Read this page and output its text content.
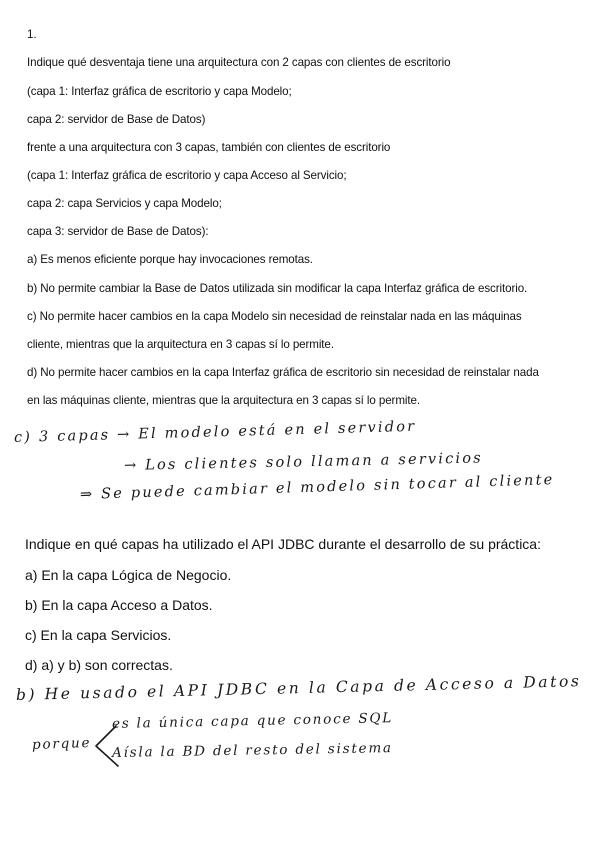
1.
Indique qué desventaja tiene una arquitectura con 2 capas con clientes de escritorio
(capa 1: Interfaz gráfica de escritorio y capa Modelo;
capa 2: servidor de Base de Datos)
frente a una arquitectura con 3 capas, también con clientes de escritorio
(capa 1: Interfaz gráfica de escritorio y capa Acceso al Servicio;
capa 2: capa Servicios y capa Modelo;
capa 3: servidor de Base de Datos):
a) Es menos eficiente porque hay invocaciones remotas.
b) No permite cambiar la Base de Datos utilizada sin modificar la capa Interfaz gráfica de escritorio.
c) No permite hacer cambios en la capa Modelo sin necesidad de reinstalar nada en las máquinas
cliente, mientras que la arquitectura en 3 capas sí lo permite.
d) No permite hacer cambios en la capa Interfaz gráfica de escritorio sin necesidad de reinstalar nada
en las máquinas cliente, mientras que la arquitectura en 3 capas sí lo permite.
c) 3 capas → El modelo está en el servidor
→ Los clientes solo llaman a servicios
⇒ Se puede cambiar el modelo sin tocar al cliente
Indique en qué capas ha utilizado el API JDBC durante el desarrollo de su práctica:
a) En la capa Lógica de Negocio.
b) En la capa Acceso a Datos.
c) En la capa Servicios.
d) a) y b) son correctas.
b) He usado el API JDBC en la Capa de Acceso a Datos
porque
es la única capa que conoce SQL
Aísla la BD del resto del sistema
